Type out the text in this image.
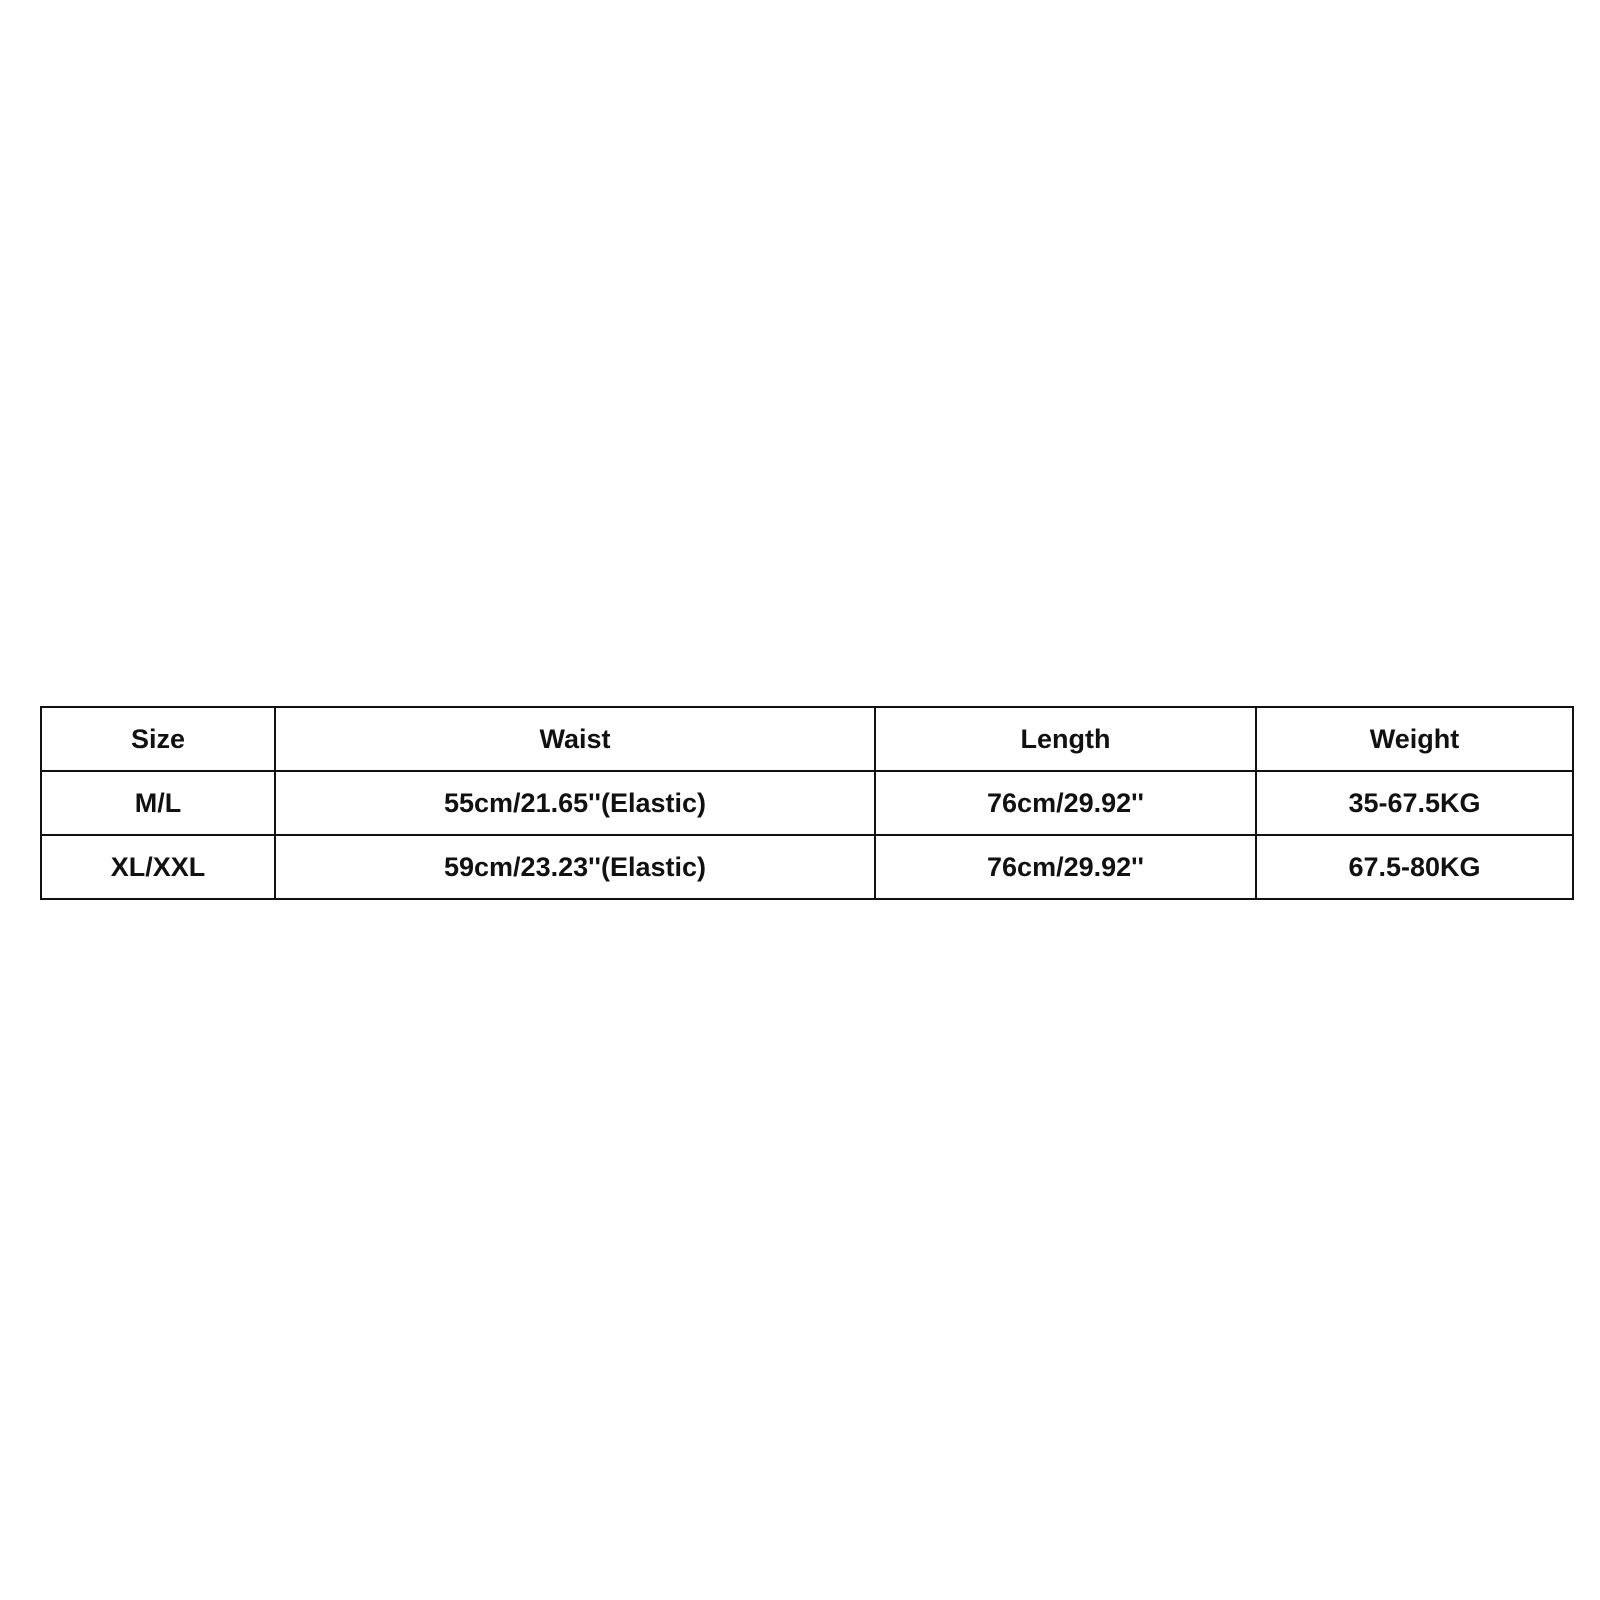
Size	Waist	Length	Weight
M/L	55cm/21.65''(Elastic)	76cm/29.92''	35-67.5KG
XL/XXL	59cm/23.23''(Elastic)	76cm/29.92''	67.5-80KG
